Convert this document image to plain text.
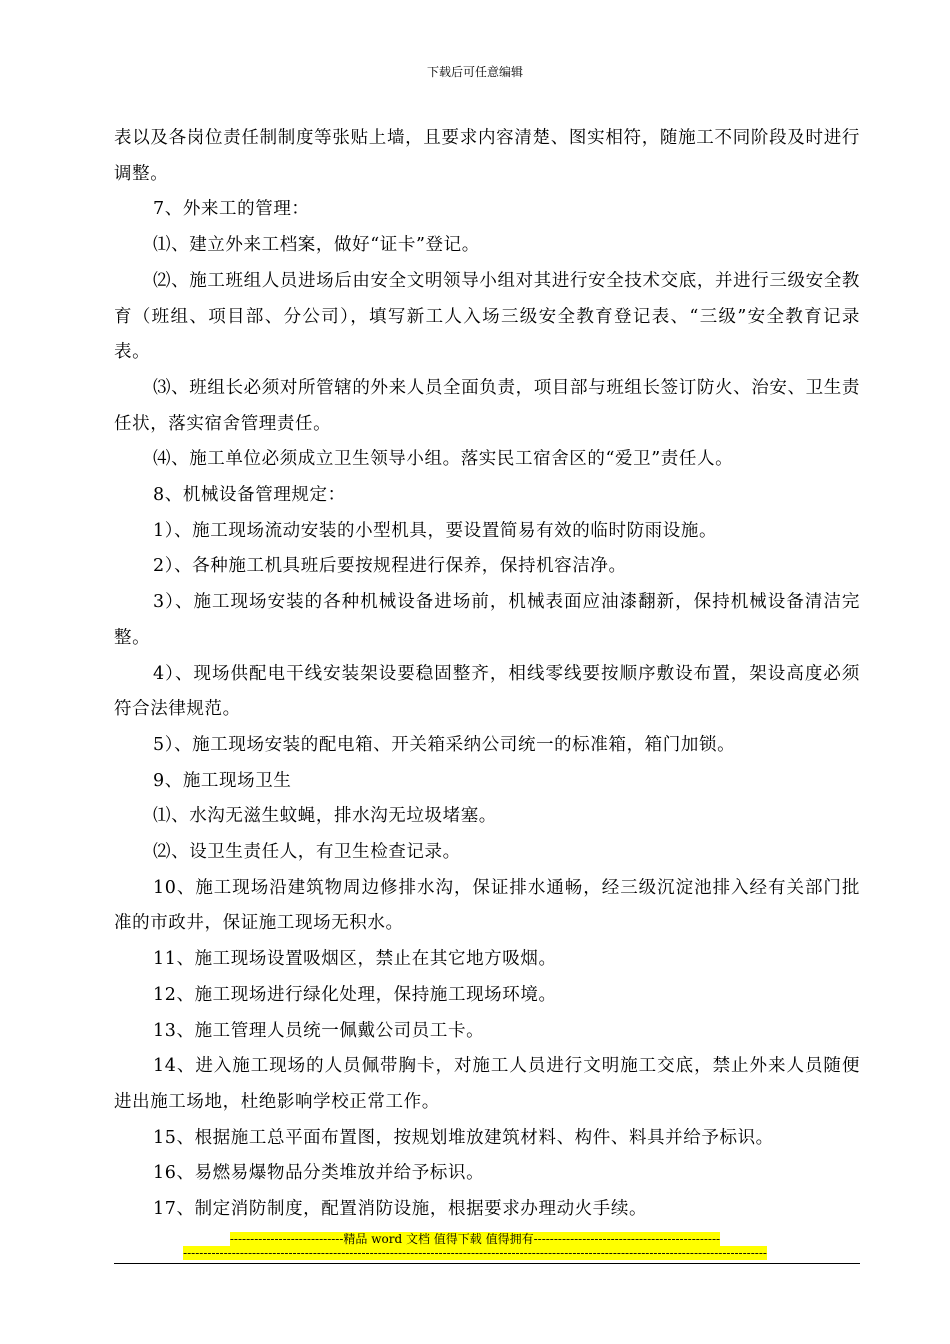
下载后可任意编辑

表以及各岗位责任制制度等张贴上墙，且要求内容清楚、图实相符，随施工不同阶段及时进行调整。

7、外来工的管理：

⑴、建立外来工档案，做好“证卡”登记。

⑵、施工班组人员进场后由安全文明领导小组对其进行安全技术交底，并进行三级安全教育（班组、项目部、分公司），填写新工人入场三级安全教育登记表、“三级”安全教育记录表。

⑶、班组长必须对所管辖的外来人员全面负责，项目部与班组长签订防火、治安、卫生责任状，落实宿舍管理责任。

⑷、施工单位必须成立卫生领导小组。落实民工宿舍区的“爱卫”责任人。

8、机械设备管理规定：

1）、施工现场流动安装的小型机具，要设置简易有效的临时防雨设施。

2）、各种施工机具班后要按规程进行保养，保持机容洁净。

3）、施工现场安装的各种机械设备进场前，机械表面应油漆翻新，保持机械设备清洁完整。

4）、现场供配电干线安装架设要稳固整齐，相线零线要按顺序敷设布置，架设高度必须符合法律规范。

5）、施工现场安装的配电箱、开关箱采纳公司统一的标准箱，箱门加锁。

9、施工现场卫生

⑴、水沟无滋生蚊蝇，排水沟无垃圾堵塞。

⑵、设卫生责任人，有卫生检查记录。

10、施工现场沿建筑物周边修排水沟，保证排水通畅，经三级沉淀池排入经有关部门批准的市政井，保证施工现场无积水。

11、施工现场设置吸烟区，禁止在其它地方吸烟。

12、施工现场进行绿化处理，保持施工现场环境。

13、施工管理人员统一佩戴公司员工卡。

14、进入施工现场的人员佩带胸卡，对施工人员进行文明施工交底，禁止外来人员随便进出施工场地，杜绝影响学校正常工作。

15、根据施工总平面布置图，按规划堆放建筑材料、构件、料具并给予标识。

16、易燃易爆物品分类堆放并给予标识。

17、制定消防制度，配置消防设施，根据要求办理动火手续。

----------------------------精品 word 文档 值得下载 值得拥有----------------------------------------------
------------------------------------------------------------------------------------------------------------------------------------------------
